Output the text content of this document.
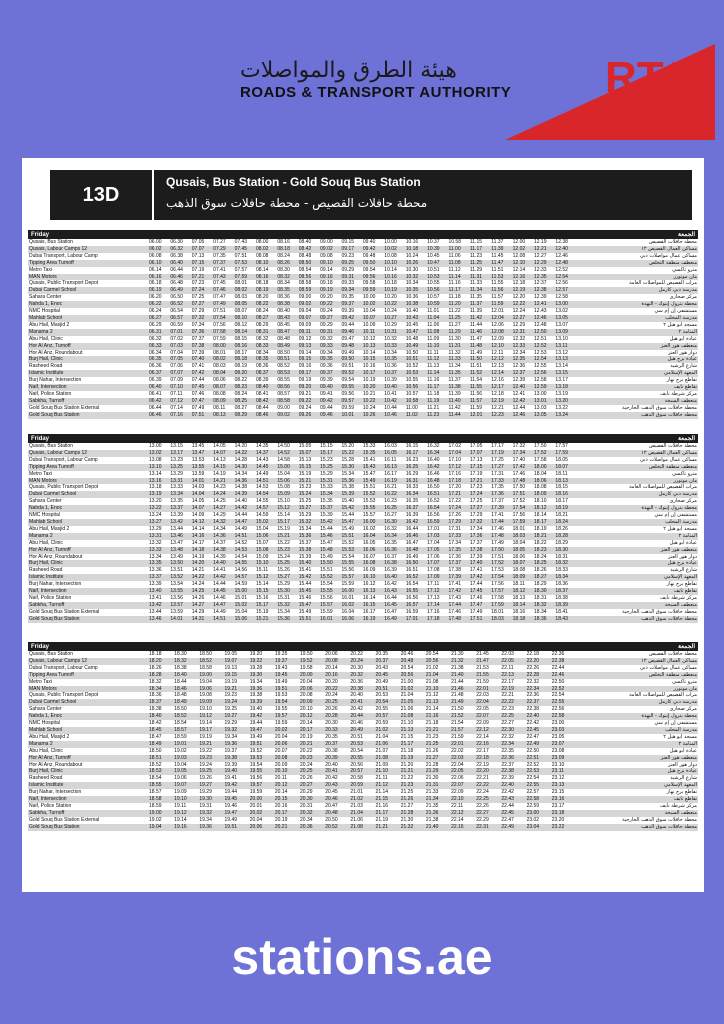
هيئة الطرق والمواصلات
ROADS & TRANSPORT AUTHORITY RTA
13D
Qusais, Bus Station - Gold Souq Bus Station
محطة حافلات القصيص - محطة حافلات سوق الذهب
Friday	الجمعة
Qusais, Bus Station	06.00	06.30	07.05	07.27	07.43	08.00	08.16	08.40	09.00	09.15	09.40	10.00	10.16	10.37	10.58	11.15	11.37	12.00	12.19	12.38	محطة حافلات القصيص
Qusais, Labour Camps 12	06.02	06.32	07.07	07.29	07.45	08.02	08.18	08.42	09.02	09.17	09.42	10.02	10.18	10.39	11.00	11.17	11.39	12.02	12.21	12.40	مساكن العمال القصيص ١٢
Dubai Transport, Labour Camp	06.08	06.38	07.13	07.35	07.51	08.08	08.24	08.48	09.08	09.23	09.48	10.08	10.24	10.45	11.06	11.23	11.45	12.08	12.27	12.46	مساكن عمال مواصلات دبي
Tipping Area Turnoff	06.10	06.40	07.15	07.37	07.53	08.10	08.26	08.50	09.10	09.25	09.50	10.10	10.26	10.47	11.08	11.25	11.47	12.10	12.29	12.48	منعطف منطقة التخلص
Metro Taxi	06.14	06.44	07.19	07.41	07.57	08.14	08.30	08.54	09.14	09.29	09.54	10.14	10.30	10.51	11.12	11.29	11.51	12.14	12.33	12.52	مترو تاكسي
MAN Motors	06.16	06.46	07.21	07.43	07.59	08.16	08.32	08.56	09.16	09.31	09.56	10.16	10.32	10.53	11.14	11.31	11.53	12.16	12.35	12.54	مان موتورز
Qusais, Public Transport Depot	06.18	06.48	07.23	07.45	08.01	08.18	08.34	08.58	09.18	09.33	09.58	10.18	10.34	10.55	11.16	11.33	11.55	12.18	12.37	12.56	مرآب القصيص للمواصلات العامة
Dubai Carmel School	06.19	06.49	07.24	07.46	08.02	08.19	08.35	08.59	09.19	09.34	09.59	10.19	10.35	10.56	11.17	11.34	11.56	12.19	12.38	12.57	مدرسة دبي كارمل
Sahara Center	06.20	06.50	07.25	07.47	08.03	08.20	08.36	09.00	09.20	09.35	10.00	10.20	10.36	10.57	11.18	11.35	11.57	12.20	12.39	12.58	مركز صحارى
Nahda 1, Enoc	06.22	06.52	07.27	07.49	08.05	08.22	08.38	09.02	09.22	09.37	10.02	10.22	10.38	10.59	11.20	11.37	11.59	12.22	12.41	13.00	محطة بترول إينوك - النهدة
NMC Hospital	06.24	06.54	07.29	07.51	08.07	08.24	08.40	09.04	09.24	09.39	10.04	10.24	10.40	11.01	11.22	11.39	12.01	12.24	12.43	13.02	مستشفى إن إم سي
Mahlab School	06.27	06.57	07.32	07.54	08.10	08.27	08.43	09.07	09.27	09.42	10.07	10.27	10.43	11.04	11.25	11.42	12.04	12.27	12.46	13.05	مدرسة المحلب
Abu Hail, Masjid 2	06.29	06.59	07.34	07.56	08.12	08.29	08.45	09.09	09.29	09.44	10.09	10.29	10.45	11.06	11.27	11.44	12.06	12.29	12.48	13.07	مسجد أبو هيل ٢
Manama 2	06.31	07.01	07.36	07.58	08.14	08.31	08.47	09.11	09.31	09.46	10.11	10.31	10.47	11.08	11.29	11.46	12.08	12.31	12.50	13.09	المنامة ٢
Abu Hail, Clinic	06.32	07.02	07.37	07.59	08.15	08.32	08.48	09.12	09.32	09.47	10.12	10.32	10.48	11.09	11.30	11.47	12.09	12.32	12.51	13.10	عيادة أبو هيل
Hor Al Anz, Turnoff	06.33	07.03	07.38	08.00	08.16	08.33	08.49	09.13	09.33	09.48	10.13	10.33	10.49	11.10	11.31	11.48	12.10	12.33	12.52	13.11	منعطف هور العنز
Hor Al Anz, Roundabout	06.34	07.04	07.39	08.01	08.17	08.34	08.50	09.14	09.34	09.49	10.14	10.34	10.50	11.11	11.32	11.49	12.11	12.34	12.53	13.12	دوار هور العنز
Burj Hail, Clinic	06.35	07.05	07.40	08.02	08.18	08.35	08.51	09.15	09.35	09.50	10.15	10.35	10.51	11.12	11.33	11.50	12.12	12.35	12.54	13.13	عيادة برج هيل
Rasheed Road	06.36	07.06	07.41	08.03	08.19	08.36	08.52	09.16	09.36	09.51	10.16	10.36	10.52	11.13	11.34	11.51	12.13	12.36	12.55	13.14	شارع الرشيد
Islamic Institute	06.37	07.07	07.42	08.04	08.20	08.37	08.53	09.17	09.37	09.52	10.17	10.37	10.53	11.14	11.35	11.52	12.14	12.37	12.56	13.15	المعهد الإسلامي
Burj Nahar, Intersection	06.39	07.09	07.44	08.06	08.22	08.39	08.55	09.19	09.39	09.54	10.19	10.39	10.55	11.16	11.37	11.54	12.16	12.39	12.58	13.17	تقاطع برج نهار
Naif, Intersection	06.40	07.10	07.45	08.07	08.23	08.40	08.56	09.20	09.40	09.55	10.20	10.40	10.56	11.17	11.38	11.55	12.17	12.40	12.59	13.18	تقاطع نايف
Naif, Police Station	06.41	07.11	07.46	08.08	08.24	08.41	08.57	09.21	09.41	09.56	10.21	10.41	10.57	11.18	11.39	11.56	12.18	12.41	13.00	13.19	مركز شرطة نايف
Sabkha, Turnoff	06.42	07.12	07.47	08.09	08.25	08.42	08.58	09.22	09.42	09.57	10.22	10.42	10.58	11.19	11.40	11.57	12.19	12.42	13.01	13.20	منعطف السبخة
Gold Souq Bus Station External	06.44	07.14	07.49	08.11	08.27	08.44	09.00	09.24	09.44	09.59	10.24	10.44	11.00	11.21	11.42	11.59	12.21	12.44	13.03	13.22	محطة حافلات سوق الذهب الخارجية
Gold Souq Bus Station	06.46	07.16	07.51	08.13	08.29	08.46	09.02	09.26	09.46	10.01	10.26	10.46	11.02	11.23	11.44	12.01	12.23	12.46	13.05	13.24	محطة حافلات سوق الذهب
Friday	الجمعة
Qusais, Bus Station	13.00	13.15	13.45	14.05	14.20	14.35	14.50	15.05	15.15	15.20	15.33	16.03	16.15	16.32	17.02	17.05	17.17	17.32	17.50	17.57	محطة حافلات القصيص
Qusais, Labour Camps 12	13.02	13.17	13.47	14.07	14.22	14.37	14.52	15.07	15.17	15.22	15.35	16.05	16.17	16.34	17.04	17.07	17.19	17.34	17.52	17.59	مساكن العمال القصيص ١٢
Dubai Transport, Labour Camp	13.08	13.23	13.53	14.13	14.28	14.43	14.58	15.13	15.23	15.28	15.41	16.11	16.23	16.40	17.10	17.13	17.25	17.40	17.58	18.05	مساكن عمال مواصلات دبي
Tipping Area Turnoff	13.10	13.25	13.55	14.15	14.30	14.45	15.00	15.15	15.25	15.30	15.43	16.13	16.25	16.42	17.12	17.15	17.27	17.42	18.00	18.07	منعطف منطقة التخلص
Metro Taxi	13.14	13.29	13.59	14.19	14.34	14.49	15.04	15.19	15.29	15.34	15.47	16.17	16.29	16.46	17.16	17.19	17.31	17.46	18.04	18.11	مترو تاكسي
MAN Motors	13.16	13.31	14.01	14.21	14.36	14.51	15.06	15.21	15.31	15.36	15.49	16.19	16.31	16.48	17.18	17.21	17.33	17.48	18.06	18.13	مان موتورز
Qusais, Public Transport Depot	13.18	13.33	14.03	14.23	14.38	14.53	15.08	15.23	15.33	15.38	15.51	16.21	16.33	16.50	17.20	17.23	17.35	17.50	18.08	18.15	مرآب القصيص للمواصلات العامة
Dubai Carmel School	13.19	13.34	14.04	14.24	14.39	14.54	15.09	15.24	15.34	15.39	15.52	16.22	16.34	16.51	17.21	17.24	17.36	17.51	18.09	18.16	مدرسة دبي كارمل
Sahara Center	13.20	13.35	14.05	14.25	14.40	14.55	15.10	15.25	15.35	15.40	15.53	16.23	16.35	16.52	17.22	17.25	17.37	17.52	18.10	18.17	مركز صحارى
Nahda 1, Enoc	13.22	13.37	14.07	14.27	14.42	14.57	15.12	15.27	15.37	15.42	15.55	16.25	16.37	16.54	17.24	17.27	17.39	17.54	18.12	18.19	محطة بترول إينوك - النهدة
NMC Hospital	13.24	13.39	14.09	14.29	14.44	14.59	15.14	15.29	15.39	15.44	15.57	16.27	16.39	16.56	17.26	17.29	17.41	17.56	18.14	18.21	مستشفى إن إم سي
Mahlab School	13.27	13.42	14.12	14.32	14.47	15.02	15.17	15.32	15.42	15.47	16.00	16.30	16.42	16.59	17.29	17.32	17.44	17.59	18.17	18.24	مدرسة المحلب
Abu Hail, Masjid 2	13.29	13.44	14.14	14.34	14.49	15.04	15.19	15.34	15.44	15.49	16.02	16.32	16.44	17.01	17.31	17.34	17.46	18.01	18.19	18.26	مسجد أبو هيل ٢
Manama 2	13.31	13.46	14.16	14.36	14.51	15.06	15.21	15.36	15.46	15.51	16.04	16.34	16.46	17.03	17.33	17.36	17.48	18.03	18.21	18.28	المنامة ٢
Abu Hail, Clinic	13.32	13.47	14.17	14.37	14.52	15.07	15.22	15.37	15.47	15.52	16.05	16.35	16.47	17.04	17.34	17.37	17.49	18.04	18.22	18.29	عيادة أبو هيل
Hor Al Anz, Turnoff	13.33	13.48	14.18	14.38	14.53	15.08	15.23	15.38	15.48	15.53	16.06	16.36	16.48	17.05	17.35	17.38	17.50	18.05	18.23	18.30	منعطف هور العنز
Hor Al Anz, Roundabout	13.34	13.49	14.19	14.39	14.54	15.09	15.24	15.39	15.49	15.54	16.07	16.37	16.49	17.06	17.36	17.39	17.51	18.06	18.24	18.31	دوار هور العنز
Burj Hail, Clinic	13.35	13.50	14.20	14.40	14.55	15.10	15.25	15.40	15.50	15.55	16.08	16.38	16.50	17.07	17.37	17.40	17.52	18.07	18.25	18.32	عيادة برج هيل
Rasheed Road	13.36	13.51	14.21	14.41	14.56	15.11	15.26	15.41	15.51	15.56	16.09	16.39	16.51	17.08	17.38	17.41	17.53	18.08	18.26	18.33	شارع الرشيد
Islamic Institute	13.37	13.52	14.22	14.42	14.57	15.12	15.27	15.42	15.52	15.57	16.10	16.40	16.52	17.09	17.39	17.42	17.54	18.09	18.27	18.34	المعهد الإسلامي
Burj Nahar, Intersection	13.39	13.54	14.24	14.44	14.59	15.14	15.29	15.44	15.54	15.59	16.12	16.42	16.54	17.11	17.41	17.44	17.56	18.11	18.29	18.36	تقاطع برج نهار
Naif, Intersection	13.40	13.55	14.25	14.45	15.00	15.15	15.30	15.45	15.55	16.00	16.13	16.43	16.55	17.12	17.42	17.45	17.57	18.12	18.30	18.37	تقاطع نايف
Naif, Police Station	13.41	13.56	14.26	14.46	15.01	15.16	15.31	15.46	15.56	16.01	16.14	16.44	16.56	17.13	17.43	17.46	17.58	18.13	18.31	18.38	مركز شرطة نايف
Sabkha, Turnoff	13.42	13.57	14.27	14.47	15.02	15.17	15.32	15.47	15.57	16.02	16.15	16.45	16.57	17.14	17.44	17.47	17.59	18.14	18.32	18.39	منعطف السبخة
Gold Souq Bus Station External	13.44	13.59	14.29	14.49	15.04	15.19	15.34	15.49	15.59	16.04	16.17	16.47	16.59	17.16	17.46	17.49	18.01	18.16	18.34	18.41	محطة حافلات سوق الذهب الخارجية
Gold Souq Bus Station	13.46	14.01	14.31	14.51	15.06	15.21	15.36	15.51	16.01	16.06	16.19	16.49	17.01	17.18	17.48	17.51	18.03	18.18	18.36	18.43	محطة حافلات سوق الذهب
Friday	الجمعة
Qusais, Bus Station	18.18	18.30	18.50	19.05	19.20	19.35	19.50	20.06	20.22	20.35	20.46	20.54	21.30	21.45	22.03	22.18	22.36	محطة حافلات القصيص
Qusais, Labour Camps 12	18.20	18.32	18.52	19.07	19.22	19.37	19.52	20.08	20.24	20.37	20.48	20.56	21.32	21.47	22.05	22.20	22.38	مساكن العمال القصيص ١٢
Dubai Transport, Labour Camp	18.26	18.38	18.58	19.13	19.28	19.43	19.58	20.14	20.30	20.43	20.54	21.02	21.38	21.53	22.11	22.26	22.44	مساكن عمال مواصلات دبي
Tipping Area Turnoff	18.28	18.40	19.00	19.15	19.30	19.45	20.00	20.16	20.32	20.45	20.56	21.04	21.40	21.55	22.13	22.28	22.46	منعطف منطقة التخلص
Metro Taxi	18.32	18.44	19.04	19.19	19.34	19.49	20.04	20.20	20.36	20.49	21.00	21.08	21.44	21.59	22.17	22.32	22.50	مترو تاكسي
MAN Motors	18.34	18.46	19.06	19.21	19.36	19.51	20.06	20.22	20.38	20.51	21.02	21.10	21.46	22.01	22.19	22.34	22.52	مان موتورز
Qusais, Public Transport Depot	18.36	18.48	19.08	19.23	19.38	19.53	20.08	20.24	20.40	20.53	21.04	21.12	21.48	22.03	22.21	22.36	22.54	مرآب القصيص للمواصلات العامة
Dubai Carmel School	18.37	18.49	19.09	19.24	19.39	19.54	20.09	20.25	20.41	20.54	21.05	21.13	21.49	22.04	22.22	22.37	22.55	مدرسة دبي كارمل
Sahara Center	18.38	18.50	19.10	19.25	19.40	19.55	20.10	20.26	20.42	20.55	21.06	21.14	21.50	22.05	22.23	22.38	22.56	مركز صحارى
Nahda 1, Enoc	18.40	18.52	19.12	19.27	19.42	19.57	20.12	20.28	20.44	20.57	21.08	21.16	21.52	22.07	22.25	22.40	22.58	محطة بترول إينوك - النهدة
NMC Hospital	18.42	18.54	19.14	19.29	19.44	19.59	20.14	20.30	20.46	20.59	21.10	21.18	21.54	22.09	22.27	22.42	23.00	مستشفى إن إم سي
Mahlab School	18.45	18.57	19.17	19.32	19.47	20.02	20.17	20.33	20.49	21.02	21.13	21.21	21.57	22.12	22.30	22.45	23.03	مدرسة المحلب
Abu Hail, Masjid 2	18.47	18.59	19.19	19.34	19.49	20.04	20.19	20.35	20.51	21.04	21.15	21.23	21.59	22.14	22.32	22.47	23.05	مسجد أبو هيل ٢
Manama 2	18.49	19.01	19.21	19.36	19.51	20.06	20.21	20.37	20.53	21.06	21.17	21.25	22.01	22.16	22.34	22.49	23.07	المنامة ٢
Abu Hail, Clinic	18.50	19.02	19.22	19.37	19.52	20.07	20.22	20.38	20.54	21.07	21.18	21.26	22.02	22.17	22.35	22.50	23.08	عيادة أبو هيل
Hor Al Anz, Turnoff	18.51	19.03	19.23	19.38	19.53	20.08	20.23	20.39	20.55	21.08	21.19	21.27	22.03	22.18	22.36	22.51	23.09	منعطف هور العنز
Hor Al Anz, Roundabout	18.52	19.04	19.24	19.39	19.54	20.09	20.24	20.40	20.56	21.09	21.20	21.28	22.04	22.19	22.37	22.52	23.10	دوار هور العنز
Burj Hail, Clinic	18.53	19.05	19.25	19.40	19.55	20.10	20.25	20.41	20.57	21.10	21.21	21.29	22.05	22.20	22.38	22.53	23.11	عيادة برج هيل
Rasheed Road	18.54	19.06	19.26	19.41	19.56	20.11	20.26	20.42	20.58	21.11	21.22	21.30	22.06	22.21	22.39	22.54	23.12	شارع الرشيد
Islamic Institute	18.55	19.07	19.27	19.42	19.57	20.12	20.27	20.43	20.59	21.12	21.23	21.31	22.07	22.22	22.40	22.55	23.13	المعهد الإسلامي
Burj Nahar, Intersection	18.57	19.09	19.29	19.44	19.59	20.14	20.29	20.45	21.01	21.14	21.25	21.33	22.09	22.24	22.42	22.57	23.15	تقاطع برج نهار
Naif, Intersection	18.58	19.10	19.30	19.45	20.00	20.15	20.30	20.46	21.02	21.15	21.26	21.34	22.10	22.25	22.43	22.58	23.16	تقاطع نايف
Naif, Police Station	18.59	19.11	19.31	19.46	20.01	20.16	20.31	20.47	21.03	21.16	21.27	21.35	22.11	22.26	22.44	22.59	23.17	مركز شرطة نايف
Sabkha, Turnoff	19.00	19.12	19.32	19.47	20.02	20.17	20.32	20.48	21.04	21.17	21.28	21.36	22.12	22.27	22.45	23.00	23.18	منعطف السبخة
Gold Souq Bus Station External	19.02	19.14	19.34	19.49	20.04	20.19	20.34	20.50	21.06	21.19	21.30	21.38	22.14	22.29	22.47	23.02	23.20	محطة حافلات سوق الذهب الخارجية
Gold Souq Bus Station	19.04	19.16	19.36	19.51	20.06	20.21	20.36	20.52	21.08	21.21	21.32	21.40	22.16	22.31	22.49	23.04	23.22	محطة حافلات سوق الذهب
stations.ae
